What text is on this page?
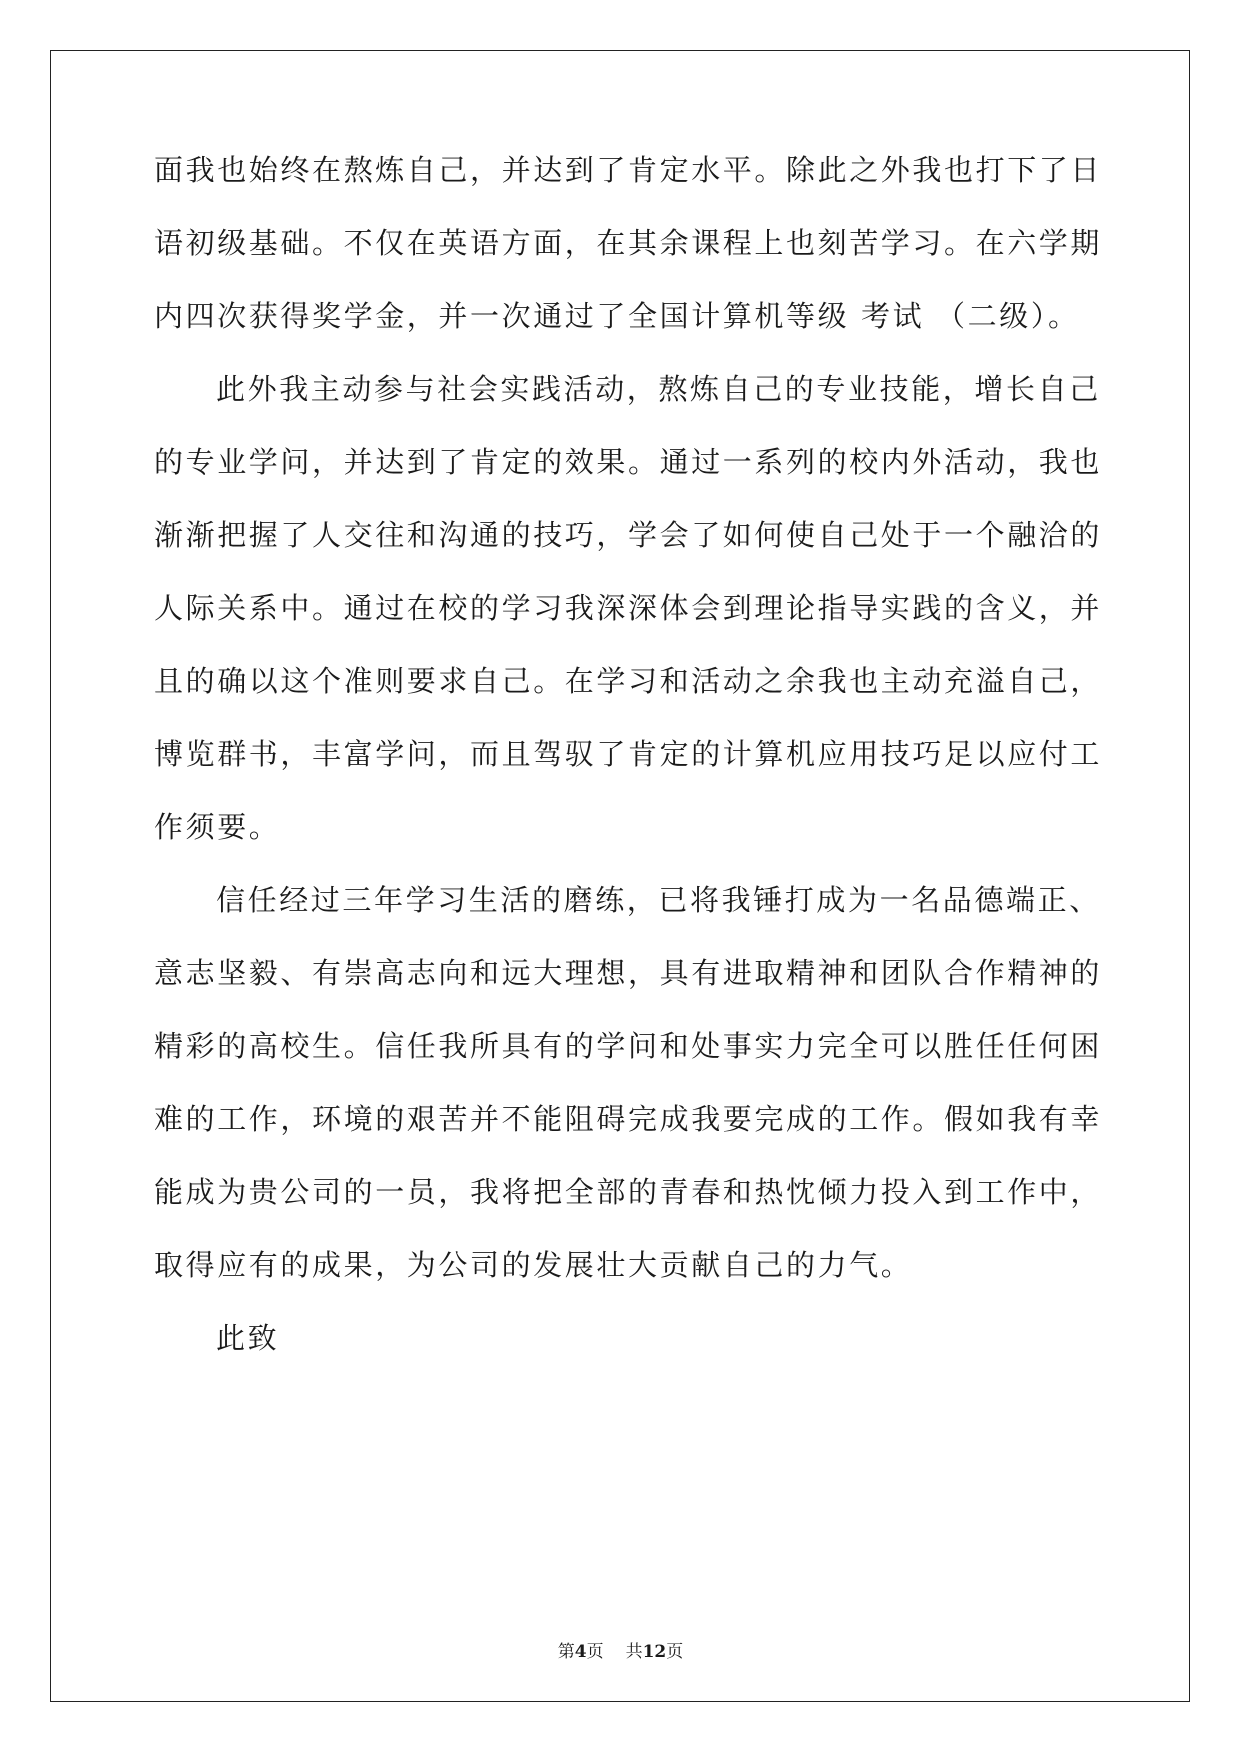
面我也始终在熬炼自己，并达到了肯定水平。除此之外我也打下了日
语初级基础。不仅在英语方面，在其余课程上也刻苦学习。在六学期
内四次获得奖学金，并一次通过了全国计算机等级 考试 （二级）。
此外我主动参与社会实践活动，熬炼自己的专业技能，增长自己
的专业学问，并达到了肯定的效果。通过一系列的校内外活动，我也
渐渐把握了人交往和沟通的技巧，学会了如何使自己处于一个融洽的
人际关系中。通过在校的学习我深深体会到理论指导实践的含义，并
且的确以这个准则要求自己。在学习和活动之余我也主动充溢自己，
博览群书，丰富学问，而且驾驭了肯定的计算机应用技巧足以应付工
作须要。
信任经过三年学习生活的磨练，已将我锤打成为一名品德端正、
意志坚毅、有崇高志向和远大理想，具有进取精神和团队合作精神的
精彩的高校生。信任我所具有的学问和处事实力完全可以胜任任何困
难的工作，环境的艰苦并不能阻碍完成我要完成的工作。假如我有幸
能成为贵公司的一员，我将把全部的青春和热忱倾力投入到工作中，
取得应有的成果，为公司的发展壮大贡献自己的力气。
此致
第4页 共12页
